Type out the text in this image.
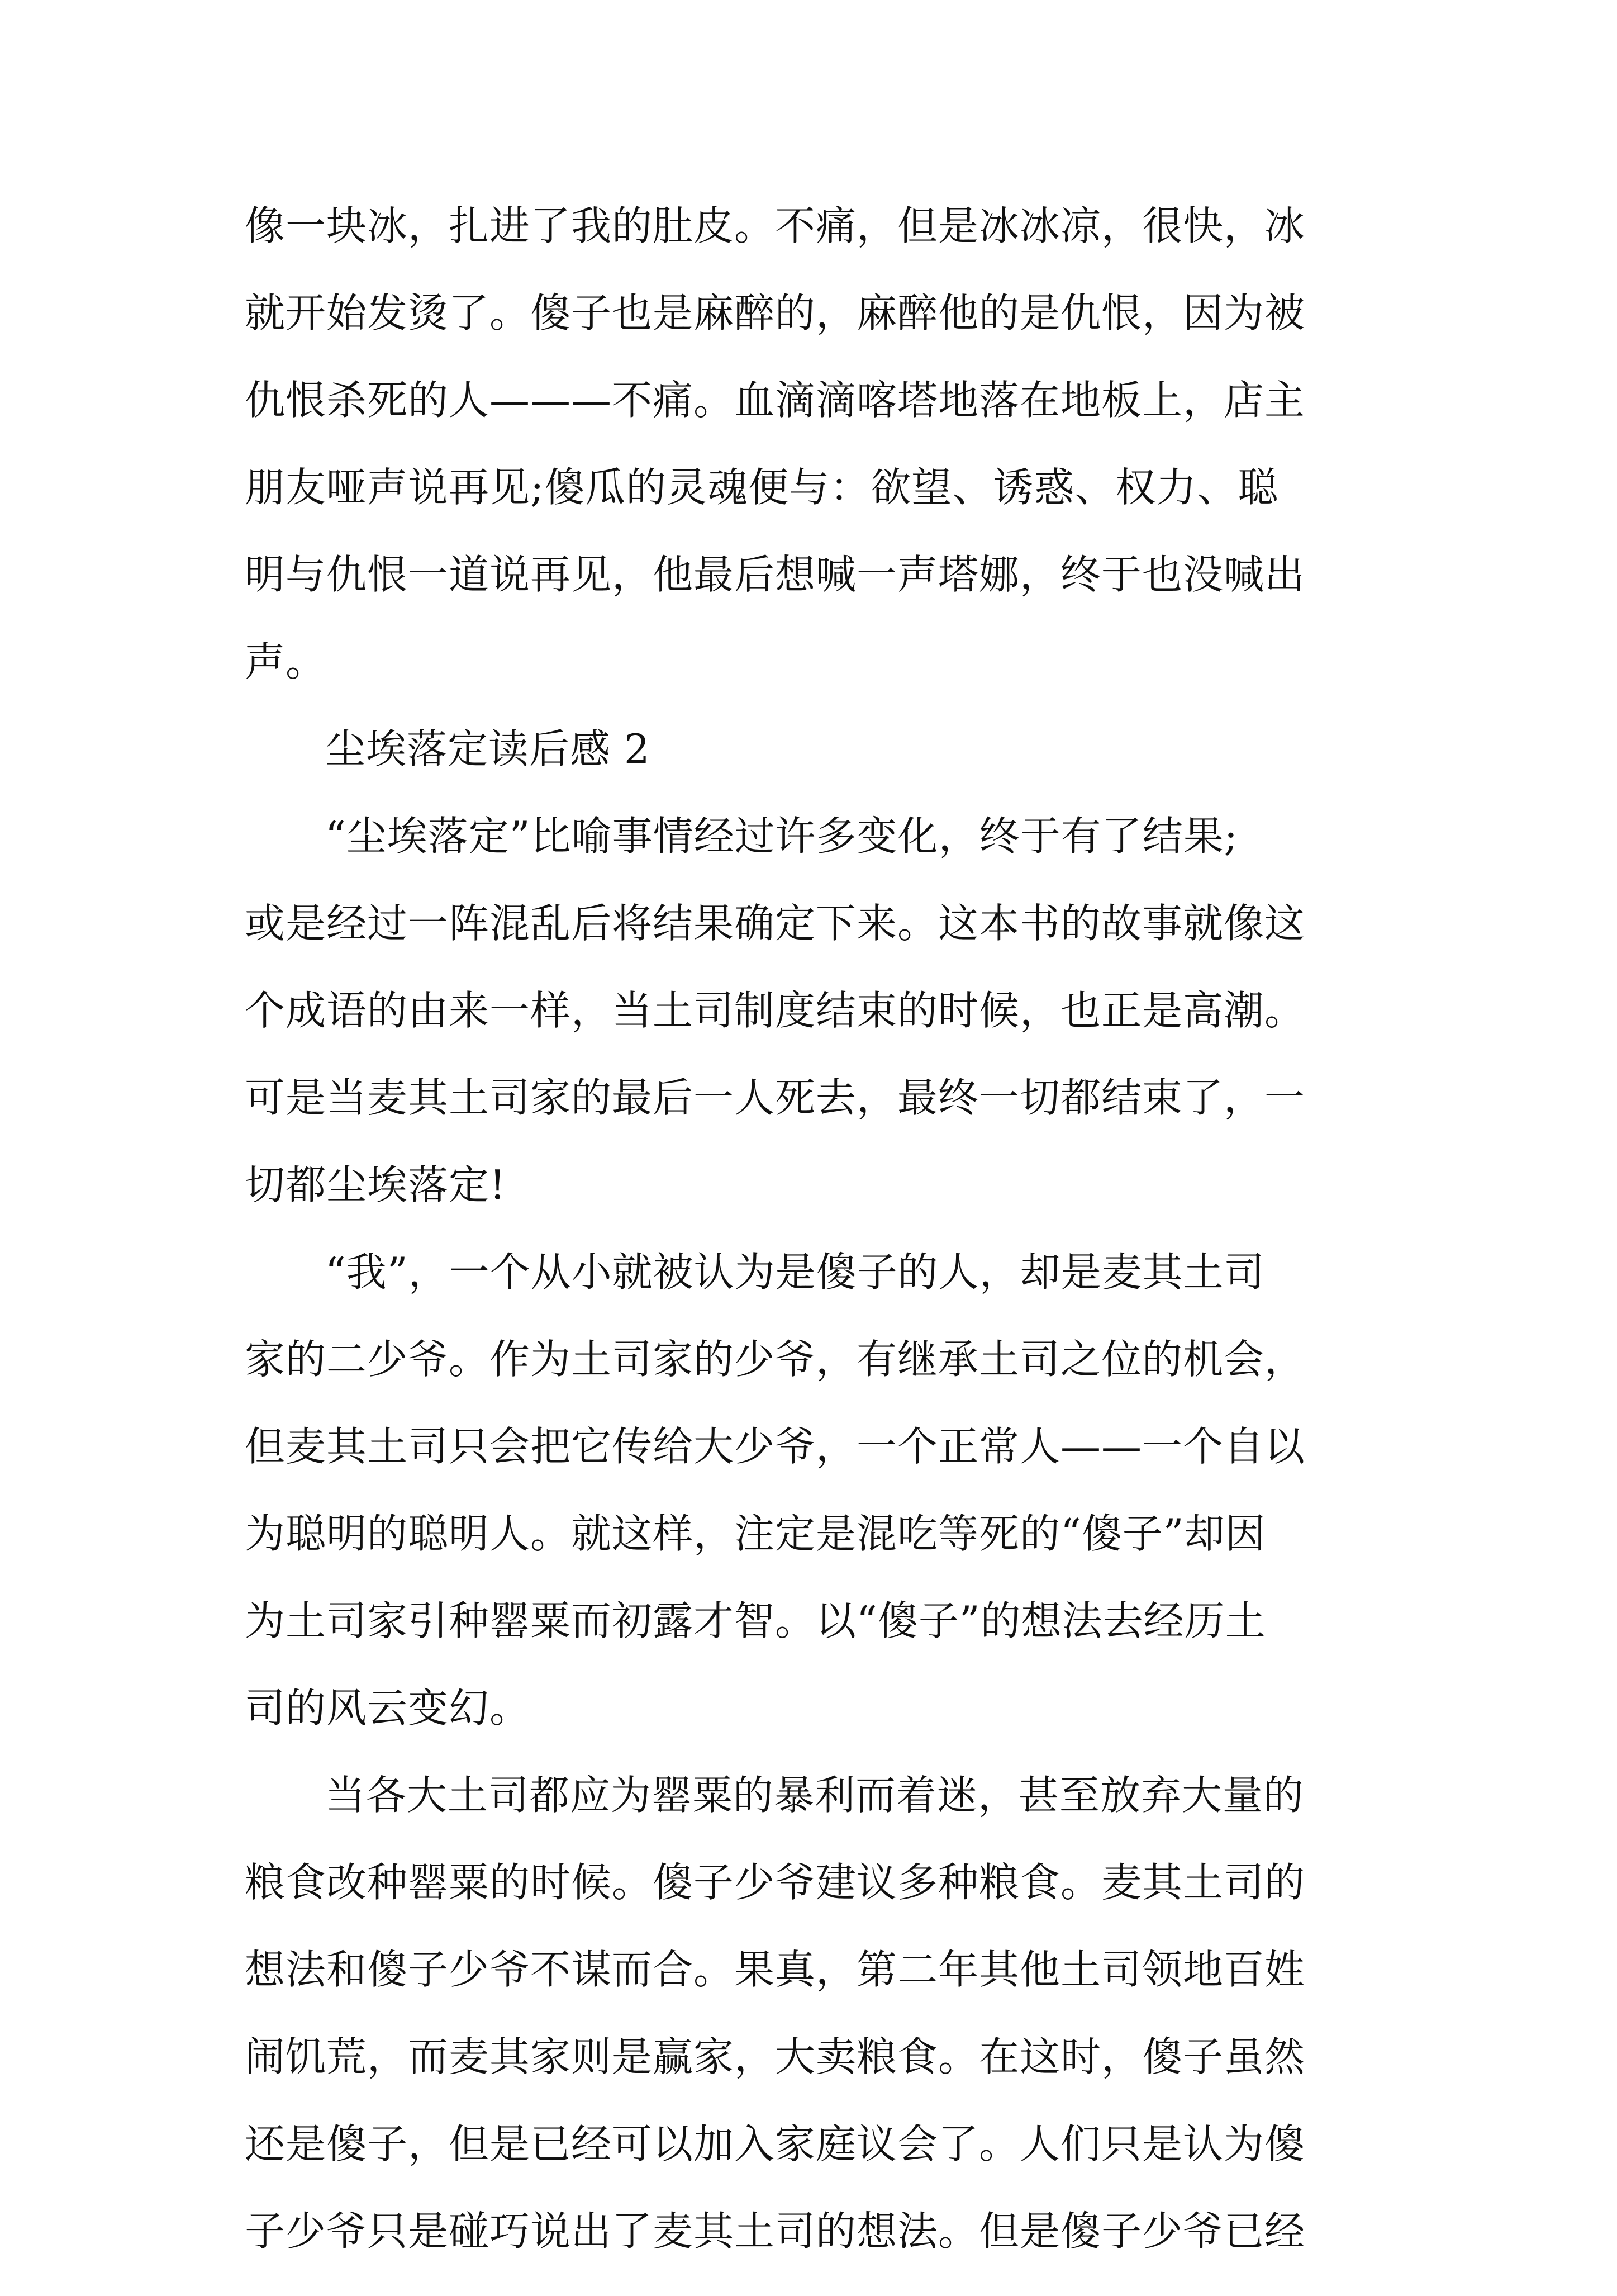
像一块冰，扎进了我的肚皮。不痛，但是冰冰凉，很快，冰
就开始发烫了。傻子也是麻醉的，麻醉他的是仇恨，因为被
仇恨杀死的人———不痛。血滴滴喀塔地落在地板上，店主
朋友哑声说再见;傻瓜的灵魂便与：欲望、诱惑、权力、聪
明与仇恨一道说再见，他最后想喊一声塔娜，终于也没喊出
声。
尘埃落定读后感 2
“尘埃落定”比喻事情经过许多变化，终于有了结果;
或是经过一阵混乱后将结果确定下来。这本书的故事就像这
个成语的由来一样，当土司制度结束的时候，也正是高潮。
可是当麦其土司家的最后一人死去，最终一切都结束了，一
切都尘埃落定!
“我”，一个从小就被认为是傻子的人，却是麦其土司
家的二少爷。作为土司家的少爷，有继承土司之位的机会，
但麦其土司只会把它传给大少爷，一个正常人——一个自以
为聪明的聪明人。就这样，注定是混吃等死的“傻子”却因
为土司家引种罂粟而初露才智。以“傻子”的想法去经历土
司的风云变幻。
当各大土司都应为罂粟的暴利而着迷，甚至放弃大量的
粮食改种罂粟的时候。傻子少爷建议多种粮食。麦其土司的
想法和傻子少爷不谋而合。果真，第二年其他土司领地百姓
闹饥荒，而麦其家则是赢家，大卖粮食。在这时，傻子虽然
还是傻子，但是已经可以加入家庭议会了。人们只是认为傻
子少爷只是碰巧说出了麦其土司的想法。但是傻子少爷已经
